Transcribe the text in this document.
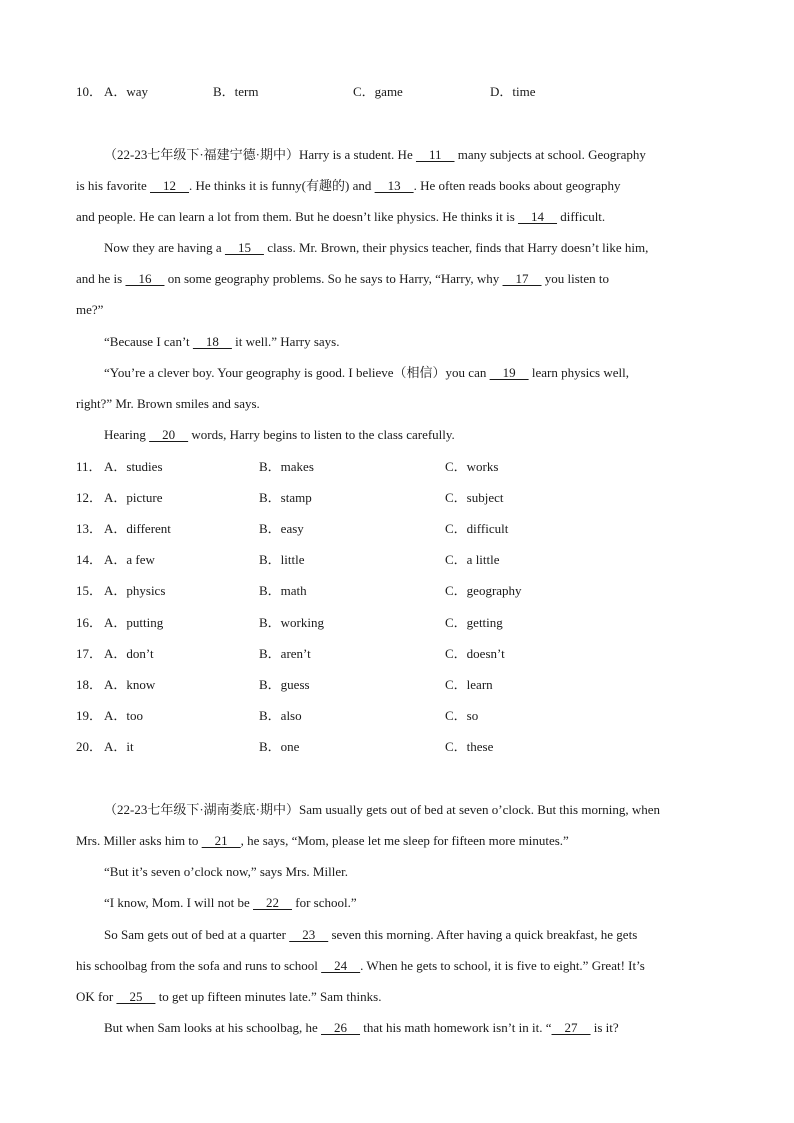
10． A．way	B．term	C．game	D．time
（22-23七年级下·福建宁德·期中）Harry is a student. He     11     many subjects at school. Geography
is his favorite     12    . He thinks it is funny(有趣的) and     13    . He often reads books about geography
and people. He can learn a lot from them. But he doesn’t like physics. He thinks it is     14     difficult.
Now they are having a     15     class. Mr. Brown, their physics teacher, finds that Harry doesn’t like him,
and he is     16     on some geography problems. So he says to Harry, “Harry, why     17     you listen to
me?”
“Because I can’t     18     it well.” Harry says.
“You’re a clever boy. Your geography is good. I believe（相信）you can     19     learn physics well,
right?” Mr. Brown smiles and says.
Hearing     20     words, Harry begins to listen to the class carefully.
11． A．studies	B．makes	C．works
12． A．picture	B．stamp	C．subject
13． A．different	B．easy	C．difficult
14． A．a few	B．little	C．a little
15． A．physics	B．math	C．geography
16． A．putting	B．working	C．getting
17． A．don’t	B．aren’t	C．doesn’t
18． A．know	B．guess	C．learn
19． A．too	B．also	C．so
20． A．it	B．one	C．these
（22-23七年级下·湖南娄底·期中）Sam usually gets out of bed at seven o’clock. But this morning, when
Mrs. Miller asks him to     21    , he says, “Mom, please let me sleep for fifteen more minutes.”
“But it’s seven o’clock now,” says Mrs. Miller.
“I know, Mom. I will not be     22     for school.”
So Sam gets out of bed at a quarter     23     seven this morning. After having a quick breakfast, he gets
his schoolbag from the sofa and runs to school     24    . When he gets to school, it is five to eight.” Great! It’s
OK for     25     to get up fifteen minutes late.” Sam thinks.
But when Sam looks at his schoolbag, he     26     that his math homework isn’t in it. “    27     is it?
